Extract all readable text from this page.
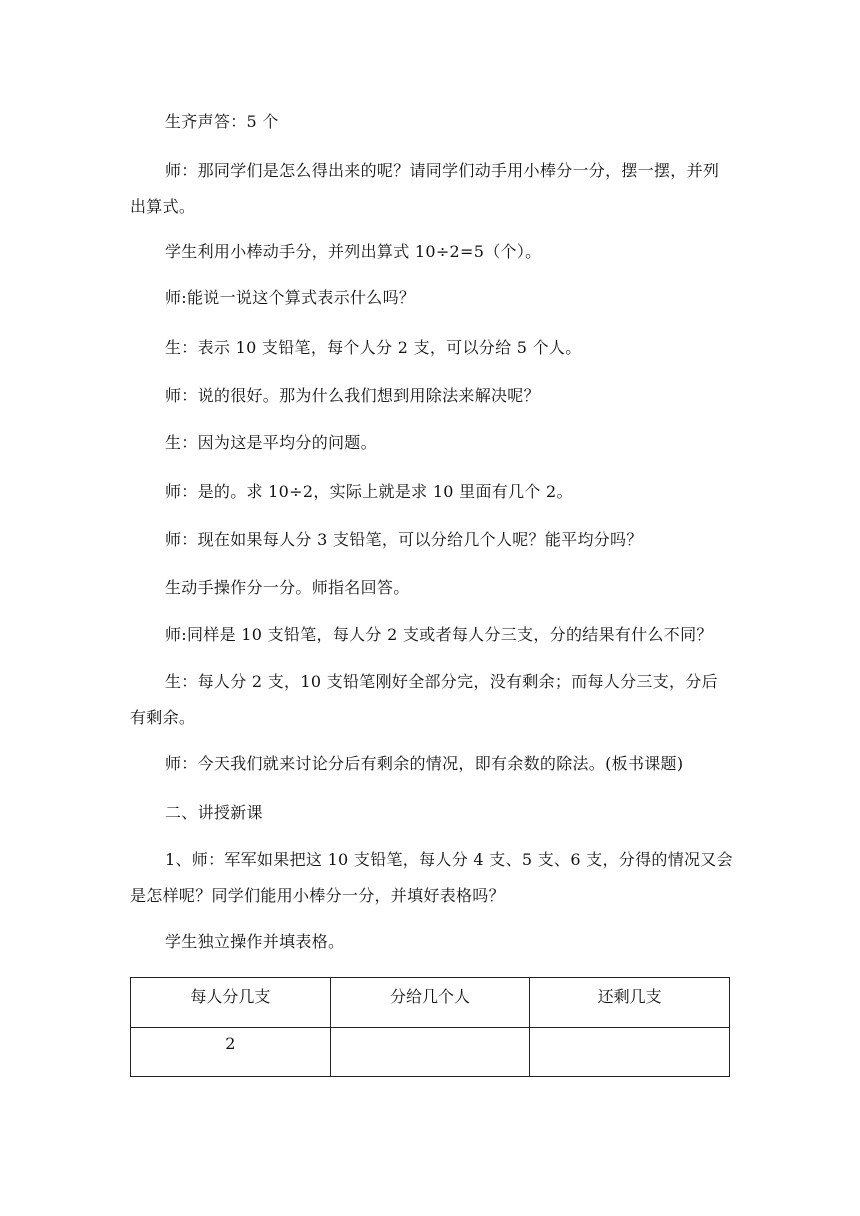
生齐声答：5 个

师：那同学们是怎么得出来的呢？请同学们动手用小棒分一分，摆一摆，并列出算式。

学生利用小棒动手分，并列出算式 10÷2=5（个）。

师:能说一说这个算式表示什么吗？

生：表示 10 支铅笔，每个人分 2 支，可以分给 5 个人。

师：说的很好。那为什么我们想到用除法来解决呢？

生：因为这是平均分的问题。

师：是的。求 10÷2，实际上就是求 10 里面有几个 2。

师：现在如果每人分 3 支铅笔，可以分给几个人呢？能平均分吗？

生动手操作分一分。师指名回答。

师:同样是 10 支铅笔，每人分 2 支或者每人分三支，分的结果有什么不同？

生：每人分 2 支，10 支铅笔刚好全部分完，没有剩余；而每人分三支，分后有剩余。

师：今天我们就来讨论分后有剩余的情况，即有余数的除法。(板书课题)

二、讲授新课

1、师：军军如果把这 10 支铅笔，每人分 4 支、5 支、6 支，分得的情况又会是怎样呢？同学们能用小棒分一分，并填好表格吗？

学生独立操作并填表格。

每人分几支	分给几个人	还剩几支
2		
